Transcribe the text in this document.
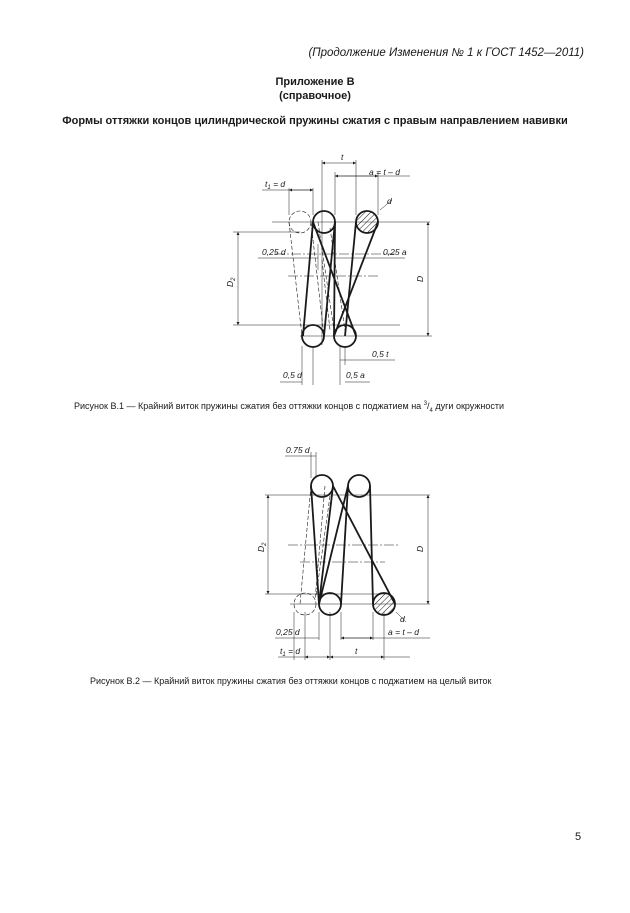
(Продолжение Изменения № 1 к ГОСТ 1452—2011)
Приложение В
(справочное)
Формы оттяжки концов цилиндрической пружины сжатия с правым направлением навивки
t
a = t – d
$t_1 = d$
d
0,25 d	0,25 a
$D_2$	D
0,5 t
0,5 d	0,5 a
Рисунок В.1 — Крайний виток пружины сжатия без оттяжки концов с поджатием на $^3/_4$ дуги окружности
0.75 d
$D_2$
D
d
0,25 d	a = t – d
$t_1 = d$	t
Рисунок В.2 — Крайний виток пружины сжатия без оттяжки концов с поджатием на целый виток
5
